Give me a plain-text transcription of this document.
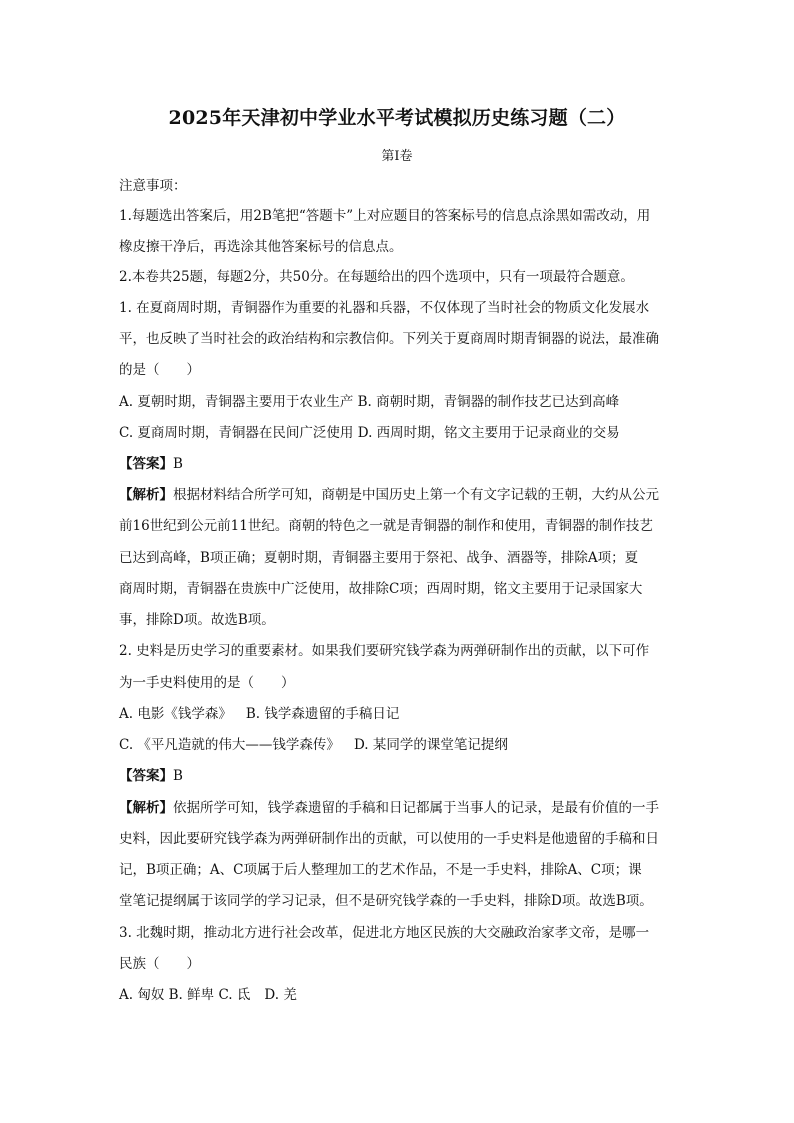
2025年天津初中学业水平考试模拟历史练习题（二）
第I卷
注意事项：
1.每题选出答案后，用2B笔把“答题卡”上对应题目的答案标号的信息点涂黑如需改动，用
橡皮擦干净后，再选涂其他答案标号的信息点。
2.本卷共25题，每题2分，共50分。在每题给出的四个选项中，只有一项最符合题意。
1. 在夏商周时期，青铜器作为重要的礼器和兵器，不仅体现了当时社会的物质文化发展水
平，也反映了当时社会的政治结构和宗教信仰。下列关于夏商周时期青铜器的说法，最准确
的是（　　）
A. 夏朝时期，青铜器主要用于农业生产 B. 商朝时期，青铜器的制作技艺已达到高峰
C. 夏商周时期，青铜器在民间广泛使用 D. 西周时期，铭文主要用于记录商业的交易
【答案】B
【解析】根据材料结合所学可知，商朝是中国历史上第一个有文字记载的王朝，大约从公元
前16世纪到公元前11世纪。商朝的特色之一就是青铜器的制作和使用，青铜器的制作技艺
已达到高峰，B项正确；夏朝时期，青铜器主要用于祭祀、战争、酒器等，排除A项；夏
商周时期，青铜器在贵族中广泛使用，故排除C项；西周时期，铭文主要用于记录国家大
事，排除D项。故选B项。
2. 史料是历史学习的重要素材。如果我们要研究钱学森为两弹研制作出的贡献，以下可作
为一手史料使用的是（　　）
A. 电影《钱学森》 B. 钱学森遗留的手稿日记
C. 《平凡造就的伟大——钱学森传》 D. 某同学的课堂笔记提纲
【答案】B
【解析】依据所学可知，钱学森遗留的手稿和日记都属于当事人的记录，是最有价值的一手
史料，因此要研究钱学森为两弹研制作出的贡献，可以使用的一手史料是他遗留的手稿和日
记，B项正确；A、C项属于后人整理加工的艺术作品，不是一手史料，排除A、C项；课
堂笔记提纲属于该同学的学习记录，但不是研究钱学森的一手史料，排除D项。故选B项。
3. 北魏时期，推动北方进行社会改革，促进北方地区民族的大交融政治家孝文帝，是哪一
民族（　　）
A. 匈奴 B. 鲜卑 C. 氐 D. 羌
